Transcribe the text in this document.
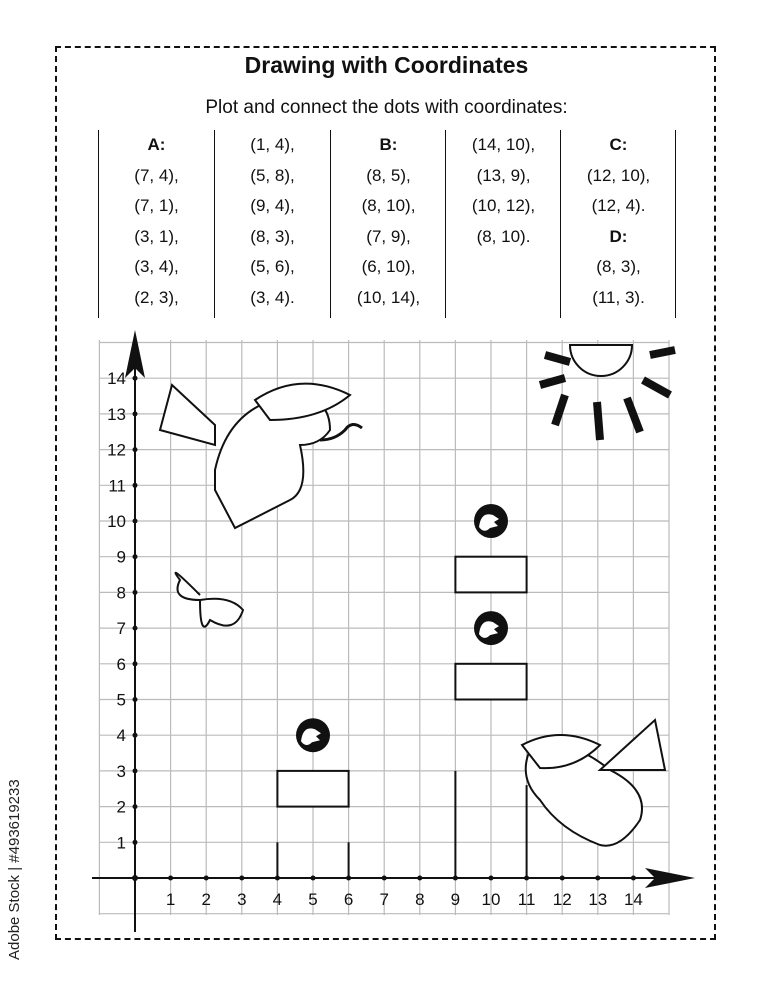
Drawing with Coordinates
Plot and connect the dots with coordinates:
A:
(7, 4),
(7, 1),
(3, 1),
(3, 4),
(2, 3),
(1, 4),
(5, 8),
(9, 4),
(8, 3),
(5, 6),
(3, 4).
B:
(8, 5),
(8, 10),
(7, 9),
(6, 10),
(10, 14),
(14, 10),
(13, 9),
(10, 12),
(8, 10).
C:
(12, 10),
(12, 4).
D:
(8, 3),
(11, 3).
1 2 3 4 5 6 7 8 9 10 11 12 13 14
1
2
3
4
5
6
7
8
9
10
11
12
13
14
Adobe Stock | #493619233
